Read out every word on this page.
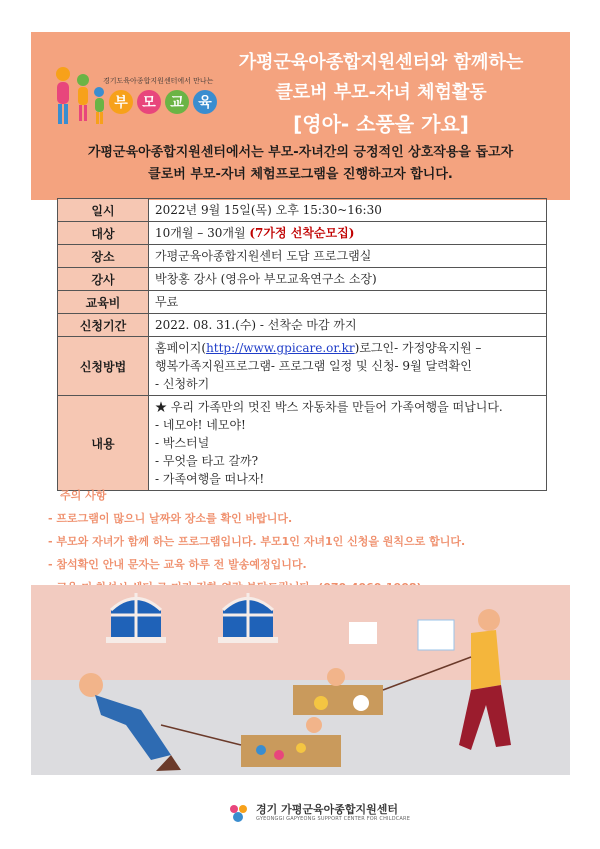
경기도육아종합지원센터에서 만나는
부	모	교	육
가평군육아종합지원센터와 함께하는
클로버 부모-자녀 체험활동
[영아- 소풍을 가요]
가평군육아종합지원센터에서는 부모-자녀간의 긍정적인 상호작용을 돕고자
클로버 부모-자녀 체험프로그램을 진행하고자 합니다.
일시	2022년 9월 15일(목) 오후 15:30~16:30
대상	10개월 – 30개월 (7가정 선착순모집)
장소	가평군육아종합지원센터 도담 프로그램실
강사	박창홍 강사 (영유아 부모교육연구소 소장)
교육비	무료
신청기간	2022. 08. 31.(수) - 선착순 마감 까지
신청방법	홈페이지(http://www.gpicare.or.kr)로그인- 가정양육지원 –
행복가족지원프로그램- 프로그램 일정 및 신청- 9월 달력확인
- 신청하기

내용	★ 우리 가족만의 멋진 박스 자동차를 만들어 가족여행을 떠납니다.
- 네모야! 네모야!
- 박스터널
- 무엇을 타고 갈까?
- 가족여행을 떠나자!
주의 사항
- 프로그램이 많으니 날짜와 장소를 확인 바랍니다.
- 부모와 자녀가 함께 하는 프로그램입니다. 부모1인 자녀1인 신청을 원칙으로 합니다.
- 참석확인 안내 문자는 교육 하루 전 발송예정입니다.
경기 가평군육아종합지원센터
GYEONGGI GAPYEONG SUPPORT CENTER FOR CHILDCARE
